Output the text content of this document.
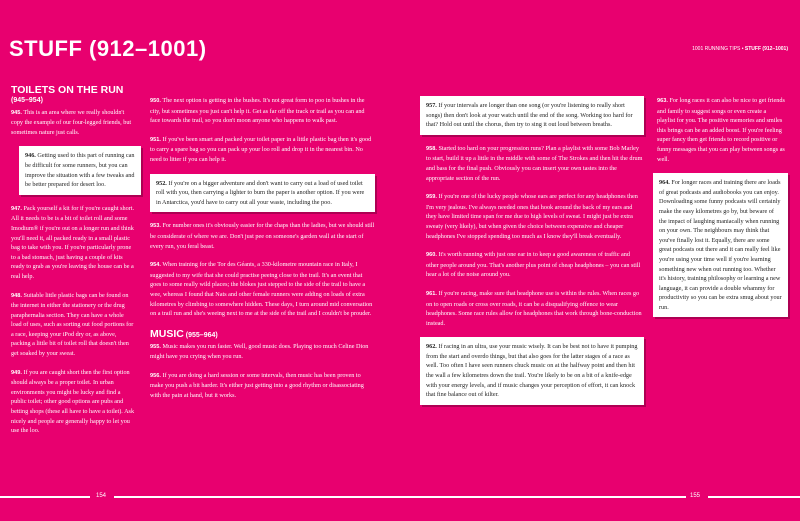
STUFF (912–1001)	1001 RUNNING TIPS • STUFF (912–1001)
TOILETS ON THE RUN
(945–954)

945. This is an area where we really shouldn't copy the example of our four-legged friends, but sometimes nature just calls.

946. Getting used to this part of running can be difficult for some runners, but you can improve the situation with a few tweaks and be better prepared for desert loo.

947. Pack yourself a kit for if you're caught short. All it needs to be is a bit of toilet roll and some Imodium® if you're out on a longer run and think you'll need it, all packed ready in a small plastic bag to take with you. If you're particularly prone to a bad stomach, just having a couple of kits ready to grab as you're leaving the house can be a real help.

948. Suitable little plastic bags can be found on the internet in either the stationery or the drug paraphernalia section. They can have a whole load of uses, such as sorting out food portions for a race, keeping your iPod dry or, as above, packing a little bit of toilet roll that doesn't then get soaked by your sweat.

949. If you are caught short then the first option should always be a proper toilet. In urban environments you might be lucky and find a public toilet; other good options are pubs and betting shops (these all have to have a toilet). Ask nicely and people are generally happy to let you use the loo.

950. The next option is getting in the bushes. It's not great form to poo in bushes in the city, but sometimes you just can't help it. Get as far off the track or trail as you can and face towards the trail, so you don't moon anyone who happens to walk past.

951. If you've been smart and packed your toilet paper in a little plastic bag then it's good to carry a spare bag so you can pack up your loo roll and drop it in the nearest bin. No need to litter if you can help it.

952. If you're on a bigger adventure and don't want to carry out a load of used toilet roll with you, then carrying a lighter to burn the paper is another option. If you were in Antarctica, you'd have to carry out all your waste, including the poo.

953. For number ones it's obviously easier for the chaps than the ladies, but we should still be considerate of where we are. Don't just pee on someone's garden wall at the start of every run, you feral beast.

954. When training for the Tor des Géants, a 330-kilometre mountain race in Italy, I suggested to my wife that she could practise peeing close to the trail. It's an event that goes to some really wild places; the blokes just stepped to the side of the trail to have a wee, whereas I found that Nats and other female runners were adding on loads of extra kilometres by climbing to somewhere hidden. These days, I turn around mid conversation on a trail run and she's weeing next to me at the side of the trail and I couldn't be prouder.

MUSIC (955–964)

955. Music makes you run faster. Well, good music does. Playing too much Celine Dion might have you crying when you run.

956. If you are doing a hard session or some intervals, then music has been proven to make you push a bit harder. It's either just getting into a good rhythm or disassociating with the pain at hand, but it works.

957. If your intervals are longer than one song (or you're listening to really short songs) then don't look at your watch until the end of the song. Working too hard for that? Hold out until the chorus, then try to sing it out loud between breaths.

958. Started too hard on your progression runs? Plan a playlist with some Bob Marley to start, build it up a little in the middle with some of The Strokes and then hit the drum and bass for the final push. Obviously you can insert your own tastes into the appropriate section of the run.

959. If you're one of the lucky people whose ears are perfect for any headphones then I'm very jealous. I've always needed ones that hook around the back of my ears and they have limited time span for me due to high levels of sweat. I might just be extra sweaty (very likely), but when given the choice between expensive and cheaper headphones I've stopped spending too much as I know they'll break eventually.

960. It's worth running with just one ear in to keep a good awareness of traffic and other people around you. That's another plus point of cheap headphones – you can still hear a lot of the noise around you.

961. If you're racing, make sure that headphone use is within the rules. When races go on to open roads or cross over roads, it can be a disqualifying offence to wear headphones. Some race rules allow for headphones that work through bone-conduction instead.

962. If racing in an ultra, use your music wisely. It can be best not to have it pumping from the start and overdo things, but that also goes for the latter stages of a race as well. Too often I have seen runners chuck music on at the halfway point and then hit the wall a few kilometres down the trail. You're likely to be on a bit of a knife-edge with your energy levels, and if music changes your perception of effort, it can knock that fine balance out of kilter.

963. For long races it can also be nice to get friends and family to suggest songs or even create a playlist for you. The positive memories and smiles this brings can be an added boost. If you're feeling super fancy then get friends to record positive or funny messages that you can play between songs as well.

964. For longer races and training there are loads of great podcasts and audiobooks you can enjoy. Downloading some funny podcasts will certainly make the easy kilometres go by, but beware of the impact of laughing maniacally when running on your own. The neighbours may think that you've finally lost it. Equally, there are some great podcasts out there and it can really feel like you're using your time well if you're learning something new when out running too. Whether it's history, training philosophy or learning a new language, it can provide a double whammy for productivity so you can be extra smug about your run.
154	155
